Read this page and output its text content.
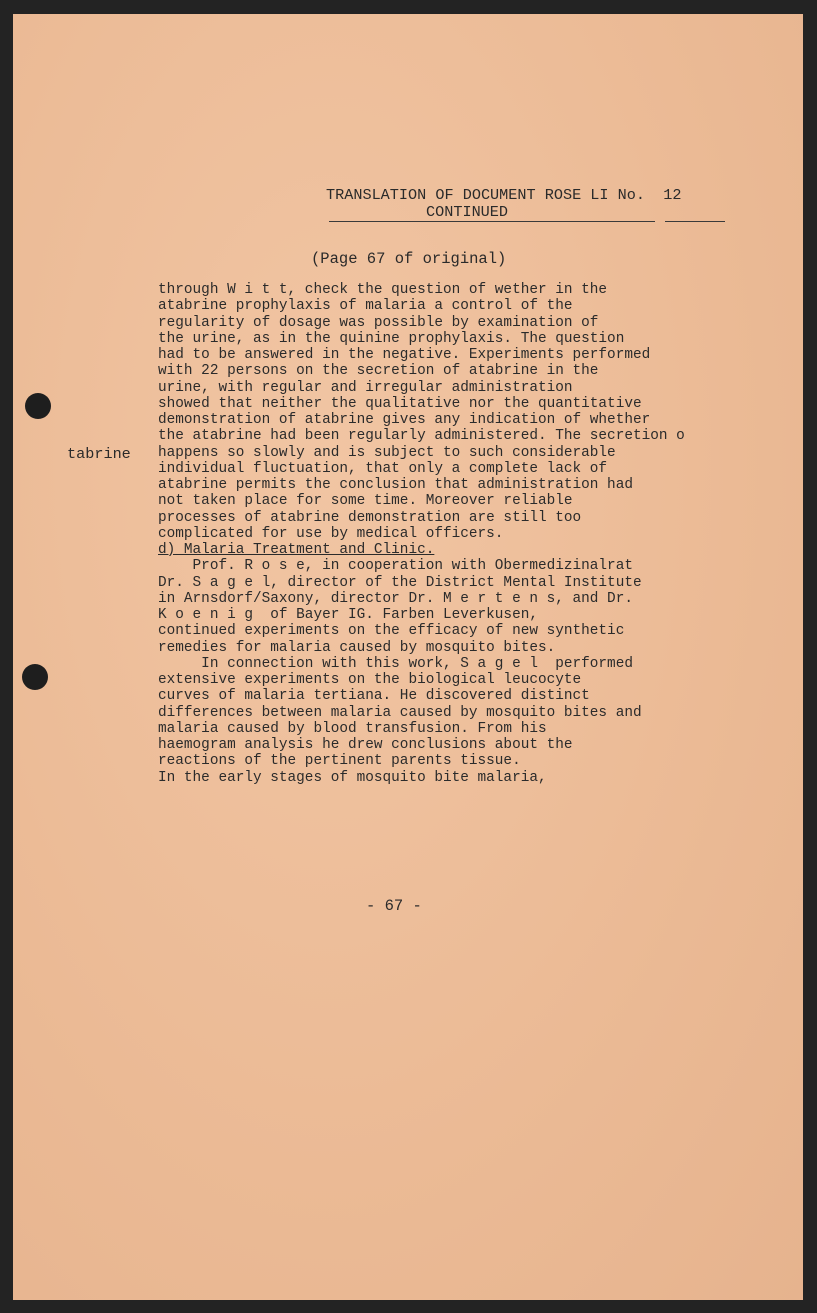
TRANSLATION OF DOCUMENT ROSE LI No.  12
CONTINUED
(Page 67 of original)
tabrine
through W i t t, check the question of wether in the
atabrine prophylaxis of malaria a control of the
regularity of dosage was possible by examination of
the urine, as in the quinine prophylaxis. The question
had to be answered in the negative. Experiments performed
with 22 persons on the secretion of atabrine in the
urine, with regular and irregular administration
showed that neither the qualitative nor the quantitative
demonstration of atabrine gives any indication of whether
the atabrine had been regularly administered. The secretion o
happens so slowly and is subject to such considerable
individual fluctuation, that only a complete lack of
atabrine permits the conclusion that administration had
not taken place for some time. Moreover reliable
processes of atabrine demonstration are still too
complicated for use by medical officers.
d) Malaria Treatment and Clinic.
Prof. R o s e, in cooperation with Obermedizinalrat
Dr. S a g e l, director of the District Mental Institute
in Arnsdorf/Saxony, director Dr. M e r t e n s, and Dr.
K o e n i g  of Bayer IG. Farben Leverkusen,
continued experiments on the efficacy of new synthetic
remedies for malaria caused by mosquito bites.
In connection with this work, S a g e l  performed
extensive experiments on the biological leucocyte
curves of malaria tertiana. He discovered distinct
differences between malaria caused by mosquito bites and
malaria caused by blood transfusion. From his
haemogram analysis he drew conclusions about the
reactions of the pertinent parents tissue.
In the early stages of mosquito bite malaria,
- 67 -
